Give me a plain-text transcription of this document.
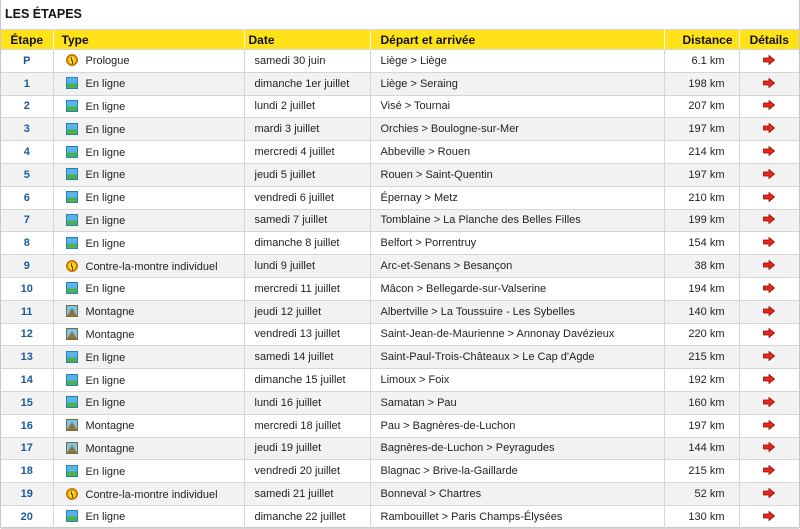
LES ÉTAPES
Étape	Type	Date	Départ et arrivée	Distance	Détails
P	Prologue	samedi 30 juin	Liège > Liège	6.1 km	
1	En ligne	dimanche 1er juillet	Liège > Seraing	198 km	
2	En ligne	lundi 2 juillet	Visé > Tournai	207 km	
3	En ligne	mardi 3 juillet	Orchies > Boulogne-sur-Mer	197 km	
4	En ligne	mercredi 4 juillet	Abbeville > Rouen	214 km	
5	En ligne	jeudi 5 juillet	Rouen > Saint-Quentin	197 km	
6	En ligne	vendredi 6 juillet	Épernay > Metz	210 km	
7	En ligne	samedi 7 juillet	Tomblaine > La Planche des Belles Filles	199 km	
8	En ligne	dimanche 8 juillet	Belfort > Porrentruy	154 km	
9	Contre-la-montre individuel	lundi 9 juillet	Arc-et-Senans > Besançon	38 km	
10	En ligne	mercredi 11 juillet	Mâcon > Bellegarde-sur-Valserine	194 km	
11	Montagne	jeudi 12 juillet	Albertville > La Toussuire - Les Sybelles	140 km	
12	Montagne	vendredi 13 juillet	Saint-Jean-de-Maurienne > Annonay Davézieux	220 km	
13	En ligne	samedi 14 juillet	Saint-Paul-Trois-Châteaux > Le Cap d'Agde	215 km	
14	En ligne	dimanche 15 juillet	Limoux > Foix	192 km	
15	En ligne	lundi 16 juillet	Samatan > Pau	160 km	
16	Montagne	mercredi 18 juillet	Pau > Bagnères-de-Luchon	197 km	
17	Montagne	jeudi 19 juillet	Bagnères-de-Luchon > Peyragudes	144 km	
18	En ligne	vendredi 20 juillet	Blagnac > Brive-la-Gaillarde	215 km	
19	Contre-la-montre individuel	samedi 21 juillet	Bonneval > Chartres	52 km	
20	En ligne	dimanche 22 juillet	Rambouillet > Paris Champs-Élysées	130 km	
